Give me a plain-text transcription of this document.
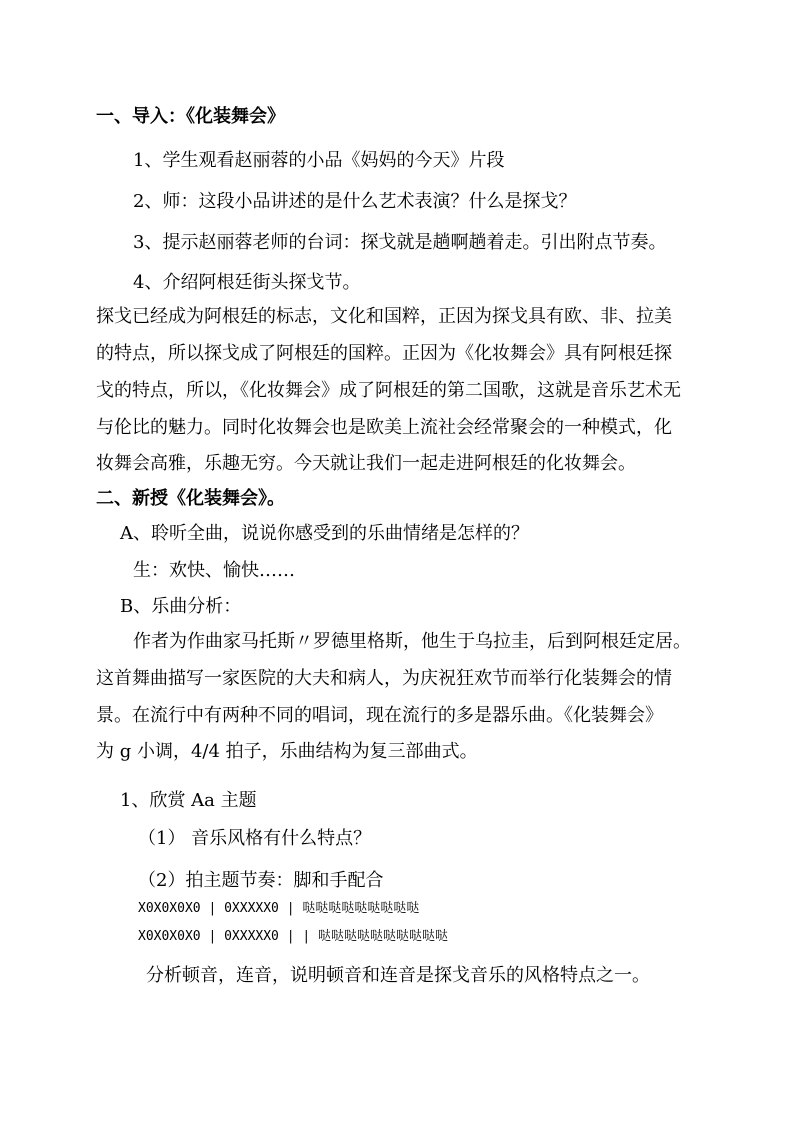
一、导入：《化装舞会》
1、学生观看赵丽蓉的小品《妈妈的今天》片段
2、师：这段小品讲述的是什么艺术表演？什么是探戈？
3、提示赵丽蓉老师的台词：探戈就是趟啊趟着走。引出附点节奏。
4、介绍阿根廷街头探戈节。
探戈已经成为阿根廷的标志，文化和国粹，正因为探戈具有欧、非、拉美
的特点，所以探戈成了阿根廷的国粹。正因为《化妆舞会》具有阿根廷探
戈的特点，所以，《化妆舞会》成了阿根廷的第二国歌，这就是音乐艺术无
与伦比的魅力。同时化妆舞会也是欧美上流社会经常聚会的一种模式，化
妆舞会高雅，乐趣无穷。今天就让我们一起走进阿根廷的化妆舞会。
二、新授《化装舞会》。
A、聆听全曲，说说你感受到的乐曲情绪是怎样的？
生：欢快、愉快……
B、乐曲分析：
作者为作曲家马托斯〃罗德里格斯，他生于乌拉圭，后到阿根廷定居。
这首舞曲描写一家医院的大夫和病人，为庆祝狂欢节而举行化装舞会的情
景。在流行中有两种不同的唱词，现在流行的多是器乐曲。《化装舞会》
为 g 小调，4/4 拍子，乐曲结构为复三部曲式。
1、欣赏 Aa 主题
（1） 音乐风格有什么特点？
（2）拍主题节奏：脚和手配合
X0X0X0X0 | 0XXXXX0 | 哒哒哒哒哒哒哒哒哒
X0X0X0X0 | 0XXXXX0 | | 哒哒哒哒哒哒哒哒哒哒
分析顿音，连音，说明顿音和连音是探戈音乐的风格特点之一。
